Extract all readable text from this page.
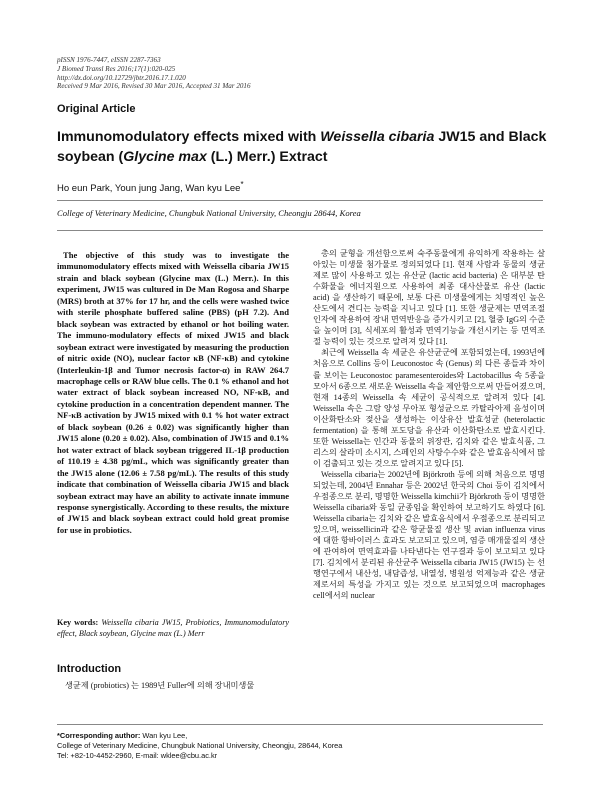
pISSN 1976-7447, eISSN 2287-7363
J Biomed Transl Res 2016;17(1):020-025
http://dx.doi.org/10.12729/jbtr.2016.17.1.020
Received 9 Mar 2016, Revised 30 Mar 2016, Accepted 31 Mar 2016
Original Article
Immunomodulatory effects mixed with Weissella cibaria JW15 and Black soybean (Glycine max (L.) Merr.) Extract
Ho eun Park, Youn jung Jang, Wan kyu Lee*
College of Veterinary Medicine, Chungbuk National University, Cheongju 28644, Korea

The objective of this study was to investigate the immunomodulatory effects mixed with Weissella cibaria JW15 strain and black soybean (Glycine max (L.) Merr.). In this experiment, JW15 was cultured in De Man Rogosa and Sharpe (MRS) broth at 37% for 17 hr, and the cells were washed twice with sterile phosphate buffered saline (PBS) (pH 7.2). And black soybean was extracted by ethanol or hot boiling water. The immuno-modulatory effects of mixed JW15 and black soybean extract were investigated by measuring the production of nitric oxide (NO), nuclear factor κB (NF-κB) and cytokine (Interleukin-1β and Tumor necrosis factor-α) in RAW 264.7 macrophage cells or RAW blue cells. The 0.1 % ethanol and hot water extract of black soybean increased NO, NF-κB, and cytokine production in a concentration dependent manner. The NF-κB activation by JW15 mixed with 0.1 % hot water extract of black soybean (0.26 ± 0.02) was significantly higher than JW15 alone (0.20 ± 0.02). Also, combination of JW15 and 0.1% hot water extract of black soybean triggered IL-1β production of 110.19 ± 4.38 pg/mL, which was significantly greater than the JW15 alone (12.06 ± 7.58 pg/mL). The results of this study indicate that combination of Weissella cibaria JW15 and black soybean extract may have an ability to activate innate immune response synergistically. According to these results, the mixture of JW15 and black soybean extract could hold great promise for use in probiotics.

Key words: Weissella cibaria JW15, Probiotics, Immunomodulatory effect, Black soybean, Glycine max (L.) Merr
Introduction
생균제 (probiotics) 는 1989년 Fuller에 의해 장내미생물

총의 균형을 개선함으로써 숙주동물에게 유익하게 작용하는 살아있는 미생물 첨가물로 정의되었다 [1]. 현재 사람과 동물의 생균제로 많이 사용하고 있는 유산균 (lactic acid bacteria) 은 대부분 탄수화물을 에너지원으로 사용하여 최종 대사산물로 유산 (lactic acid) 을 생산하기 때문에, 보통 다른 미생물에게는 치명적인 높은 산도에서 견디는 능력을 지니고 있다 [1]. 또한 생균제는 면역조절인자에 작용하여 장내 면역반응을 증가시키고 [2], 혈중 IgG의 수준을 높이며 [3], 식세포의 활성과 면역기능을 개선시키는 등 면역조절 능력이 있는 것으로 알려져 있다 [1].

최근에 Weissella 속 세균은 유산균군에 포함되었는데, 1993년에 처음으로 Collins 등이 Leuconostoc 속 (Genus) 의 다른 종들과 차이를 보이는 Leuconostoc paramesenteroides와 Lactobacillus 속 5종을 모아서 6종으로 새로운 Weissella 속을 제안함으로써 만들어졌으며, 현재 14종의 Weissella 속 세균이 공식적으로 알려져 있다 [4]. Weissella 속은 그람 양성 무아포 형성균으로 카탈라아제 음성이며 이산화탄소와 젖산을 생성하는 이상유산 발효성균 (heterolactic fermentation) 을 통해 포도당을 유산과 이산화탄소로 발효시킨다. 또한 Weissella는 인간과 동물의 위장관, 김치와 같은 발효식품, 그리스의 살라미 소시지, 스페인의 사탕수수와 같은 발효음식에서 많이 검출되고 있는 것으로 알려지고 있다 [5].

Weissella cibaria는 2002년에 Björkroth 등에 의해 처음으로 명명되었는데, 2004년 Ennahar 등은 2002년 한국의 Choi 등이 김치에서 우점종으로 분리, 명명한 Weissella kimchii가 Björkroth 등이 명명한 Weissella cibaria와 동일 균종임을 확인하여 보고하기도 하였다 [6]. Weissella cibaria는 김치와 같은 발효음식에서 우점종으로 분리되고 있으며, weissellicin과 같은 항균물질 생산 및 avian influenza virus에 대한 항바이러스 효과도 보고되고 있으며, 염증 매개물질의 생산에 관여하여 면역효과를 나타낸다는 연구결과 등이 보고되고 있다 [7]. 김치에서 분리된 유산균주 Weissella cibaria JW15 (JW15) 는 선행연구에서 내산성, 내담즙성, 내열성, 병원성 억제능과 같은 생균제로서의 특성을 가지고 있는 것으로 보고되었으며 macrophages cell에서의 nuclear

*Corresponding author: Wan kyu Lee,
College of Veterinary Medicine, Chungbuk National University, Cheongju, 28644, Korea
Tel: +82-10-4452-2960, E-mail: wklee@cbu.ac.kr
